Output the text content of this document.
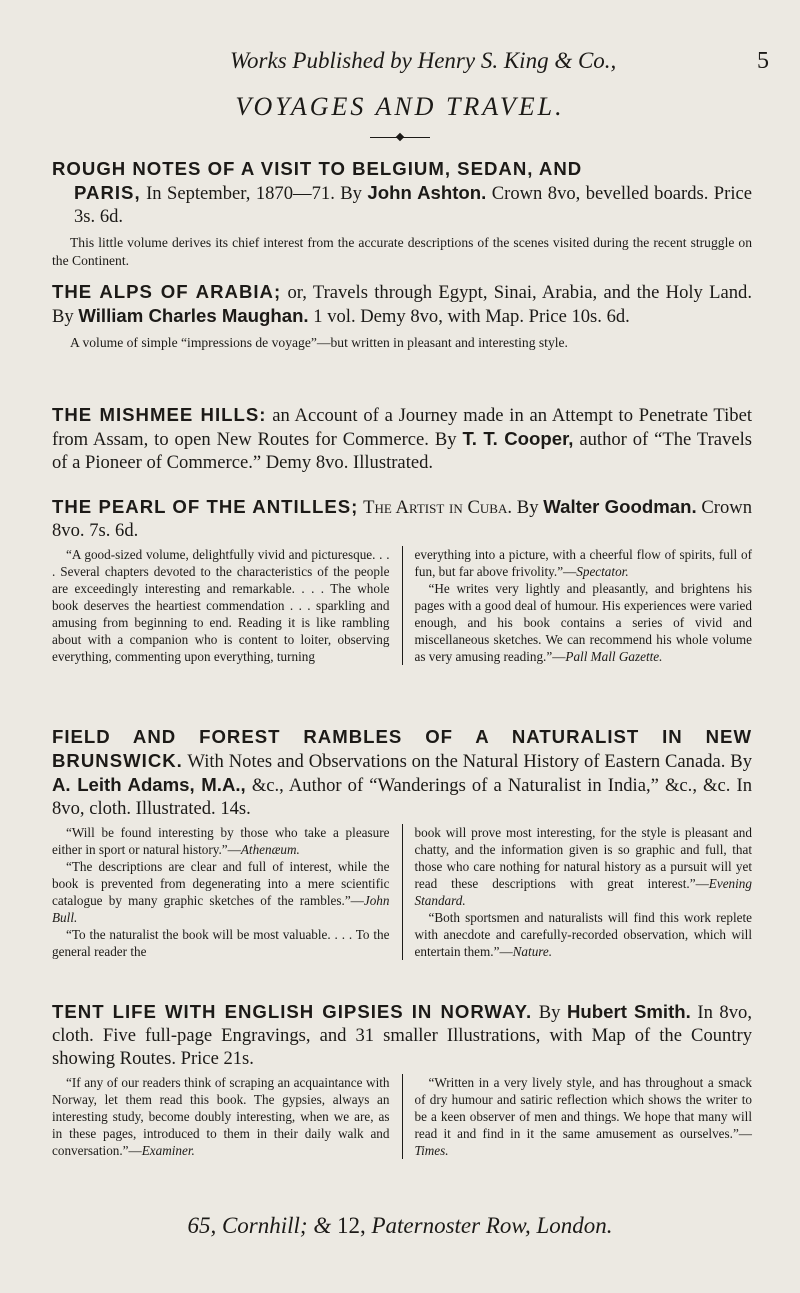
Works Published by Henry S. King & Co.,	5
VOYAGES AND TRAVEL.

ROUGH NOTES OF A VISIT TO BELGIUM, SEDAN, AND

PARIS, In September, 1870—71. By John Ashton. Crown 8vo, bevelled boards. Price 3s. 6d.

This little volume derives its chief interest from the accurate descriptions of the scenes visited during the recent struggle on the Continent.

THE ALPS OF ARABIA; or, Travels through Egypt, Sinai, Arabia, and the Holy Land. By William Charles Maughan. 1 vol. Demy 8vo, with Map. Price 10s. 6d.

A volume of simple “impressions de voyage”—but written in pleasant and interesting style.

THE MISHMEE HILLS: an Account of a Journey made in an Attempt to Penetrate Tibet from Assam, to open New Routes for Commerce. By T. T. Cooper, author of “The Travels of a Pioneer of Commerce.” Demy 8vo. Illustrated.

THE PEARL OF THE ANTILLES; The Artist in Cuba. By Walter Goodman. Crown 8vo. 7s. 6d.

“A good-sized volume, delightfully vivid and picturesque. . . . Several chapters devoted to the characteristics of the people are exceedingly interesting and remarkable. . . . The whole book deserves the heartiest commendation . . . sparkling and amusing from beginning to end. Reading it is like rambling about with a companion who is content to loiter, observing everything, commenting upon everything, turning

everything into a picture, with a cheerful flow of spirits, full of fun, but far above frivolity.”—Spectator.

“He writes very lightly and pleasantly, and brightens his pages with a good deal of humour. His experiences were varied enough, and his book contains a series of vivid and miscellaneous sketches. We can recommend his whole volume as very amusing reading.”—Pall Mall Gazette.

FIELD AND FOREST RAMBLES OF A NATURALIST IN NEW BRUNSWICK. With Notes and Observations on the Natural History of Eastern Canada. By A. Leith Adams, M.A., &c., Author of “Wanderings of a Naturalist in India,” &c., &c. In 8vo, cloth. Illustrated. 14s.

“Will be found interesting by those who take a pleasure either in sport or natural history.”—Athenæum.

“The descriptions are clear and full of interest, while the book is prevented from degenerating into a mere scientific catalogue by many graphic sketches of the rambles.”—John Bull.

“To the naturalist the book will be most valuable. . . . To the general reader the

book will prove most interesting, for the style is pleasant and chatty, and the information given is so graphic and full, that those who care nothing for natural history as a pursuit will yet read these descriptions with great interest.”—Evening Standard.

“Both sportsmen and naturalists will find this work replete with anecdote and carefully-recorded observation, which will entertain them.”—Nature.

TENT LIFE WITH ENGLISH GIPSIES IN NORWAY. By Hubert Smith. In 8vo, cloth. Five full-page Engravings, and 31 smaller Illustrations, with Map of the Country showing Routes. Price 21s.

“If any of our readers think of scraping an acquaintance with Norway, let them read this book. The gypsies, always an interesting study, become doubly interesting, when we are, as in these pages, introduced to them in their daily walk and conversation.”—Examiner.

“Written in a very lively style, and has throughout a smack of dry humour and satiric reflection which shows the writer to be a keen observer of men and things. We hope that many will read it and find in it the same amusement as ourselves.”—Times.

65, Cornhill; & 12, Paternoster Row, London.
